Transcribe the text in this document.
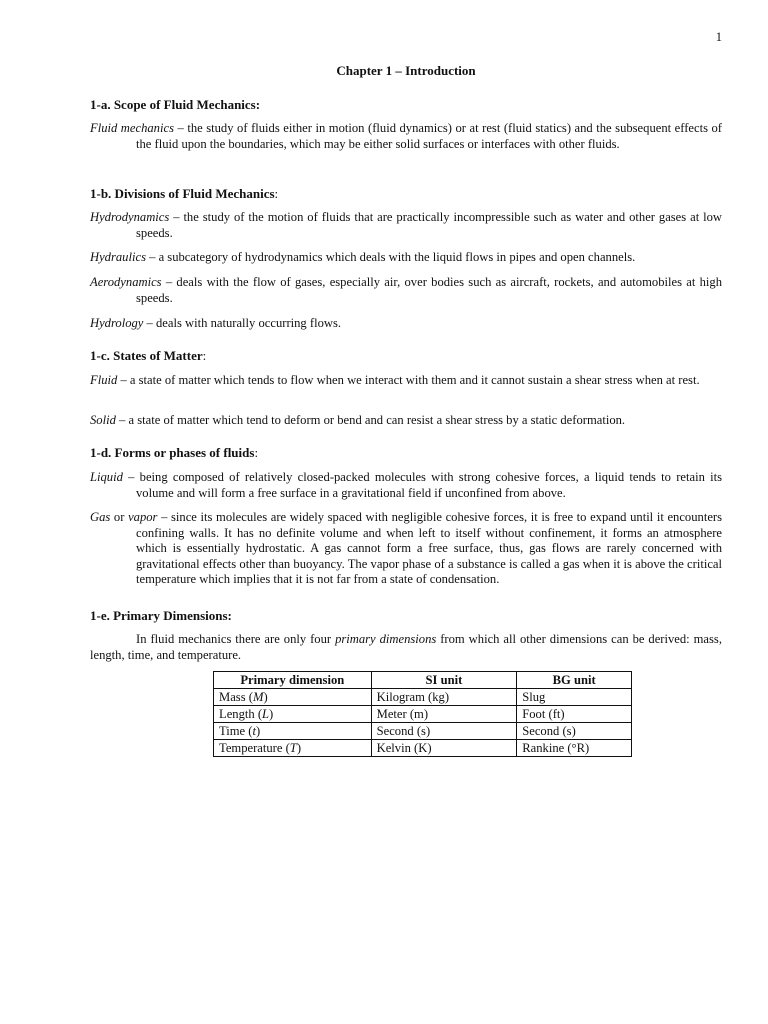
1
Chapter 1 – Introduction
1-a. Scope of Fluid Mechanics:
Fluid mechanics – the study of fluids either in motion (fluid dynamics) or at rest (fluid statics) and the subsequent effects of the fluid upon the boundaries, which may be either solid surfaces or interfaces with other fluids.
1-b. Divisions of Fluid Mechanics:
Hydrodynamics – the study of the motion of fluids that are practically incompressible such as water and other gases at low speeds.
Hydraulics – a subcategory of hydrodynamics which deals with the liquid flows in pipes and open channels.
Aerodynamics – deals with the flow of gases, especially air, over bodies such as aircraft, rockets, and automobiles at high speeds.
Hydrology – deals with naturally occurring flows.
1-c. States of Matter:
Fluid – a state of matter which tends to flow when we interact with them and it cannot sustain a shear stress when at rest.
Solid – a state of matter which tend to deform or bend and can resist a shear stress by a static deformation.
1-d. Forms or phases of fluids:
Liquid – being composed of relatively closed-packed molecules with strong cohesive forces, a liquid tends to retain its volume and will form a free surface in a gravitational field if unconfined from above.
Gas or vapor – since its molecules are widely spaced with negligible cohesive forces, it is free to expand until it encounters confining walls. It has no definite volume and when left to itself without confinement, it forms an atmosphere which is essentially hydrostatic. A gas cannot form a free surface, thus, gas flows are rarely concerned with gravitational effects other than buoyancy. The vapor phase of a substance is called a gas when it is above the critical temperature which implies that it is not far from a state of condensation.
1-e. Primary Dimensions:
In fluid mechanics there are only four primary dimensions from which all other dimensions can be derived: mass, length, time, and temperature.
Primary dimension	SI unit	BG unit
Mass (M)	Kilogram (kg)	Slug
Length (L)	Meter (m)	Foot (ft)
Time (t)	Second (s)	Second (s)
Temperature (T)	Kelvin (K)	Rankine (°R)
